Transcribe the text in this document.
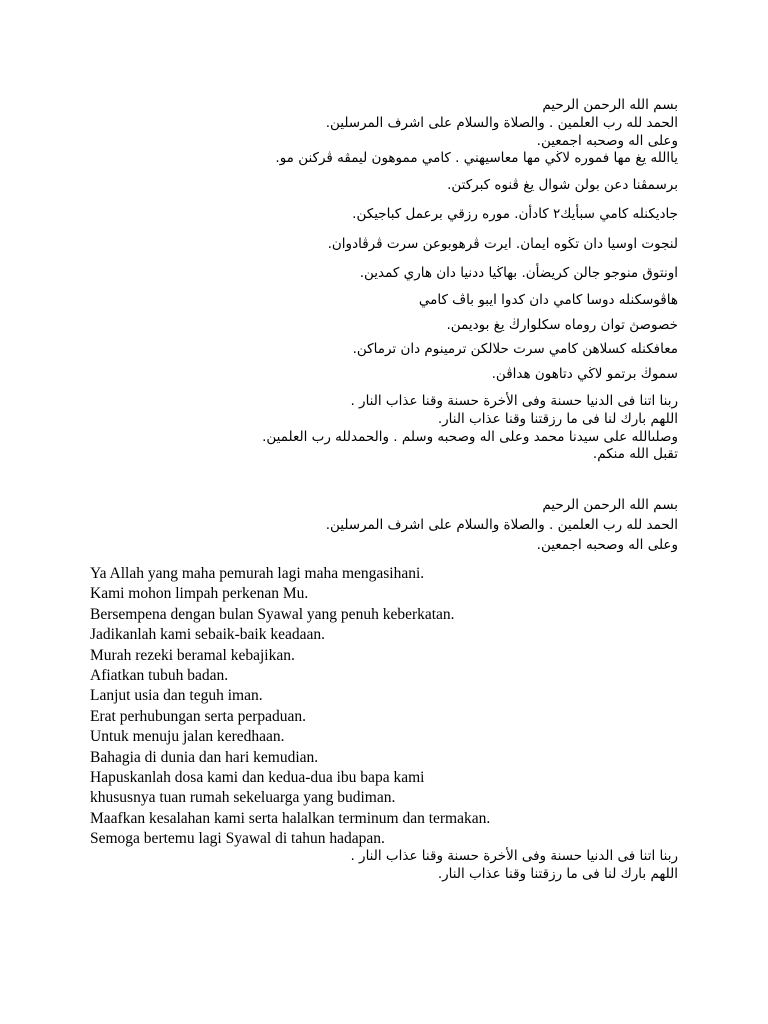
بسم الله الرحمن الرحيم
الحمد لله رب العلمين . والصلاة والسلام على اشرف المرسلين.
وعلى اله وصحبه اجمعين.
ياالله يغ مها فموره لاڬي مها معاسيهني . كامي مموهون ليمڤه ڤركنن مو.
برسمڤنا دعن بولن شوال يغ ڤنوه كبركتن.
جاديكنله كامي سبأيك٢ كادأن. موره رزقي برعمل كباجيكن.
لنجوت اوسيا دان تڬوه ايمان. ايرت ڤرهوبوعن سرت ڤرڤادوان.
اونتوق منوجو جالن كريضأن. بهاڬيا ددنيا دان هاري كمدين.
هاڤوسكنله دوسا كامي دان كدوا ايبو باڤ كامي
خصوصڽ توان روماه سكلوارڬ يغ بوديمن.
معافكنله كسلاهن كامي سرت حلالكن ترمينوم دان ترماكن.
سموڬ برتمو لاڬي دتاهون هداڤن.
ربنا اتنا فى الدنيا حسنة وفى الأخرة حسنة وقنا عذاب النار .
اللهم بارك لنا فى ما رزقتنا وقنا عذاب النار.
وصلىالله على سيدنا محمد وعلى اله وصحبه وسلم . والحمدلله رب العلمين.
تقبل الله منكم.
بسم الله الرحمن الرحيم
الحمد لله رب العلمين . والصلاة والسلام على اشرف المرسلين.
وعلى اله وصحبه اجمعين.
Ya Allah yang maha pemurah lagi maha mengasihani.
Kami mohon limpah perkenan Mu.
Bersempena dengan bulan Syawal yang penuh keberkatan.
Jadikanlah kami sebaik-baik keadaan.
Murah rezeki beramal kebajikan.
Afiatkan tubuh badan.
Lanjut usia dan teguh iman.
Erat perhubungan serta perpaduan.
Untuk menuju jalan keredhaan.
Bahagia di dunia dan hari kemudian.
Hapuskanlah dosa kami dan kedua-dua ibu bapa kami
khususnya tuan rumah sekeluarga yang budiman.
Maafkan kesalahan kami serta halalkan terminum dan termakan.
Semoga bertemu lagi Syawal di tahun hadapan.
ربنا اتنا فى الدنيا حسنة وفى الأخرة حسنة وقنا عذاب النار .
اللهم بارك لنا فى ما رزقتنا وقنا عذاب النار.
